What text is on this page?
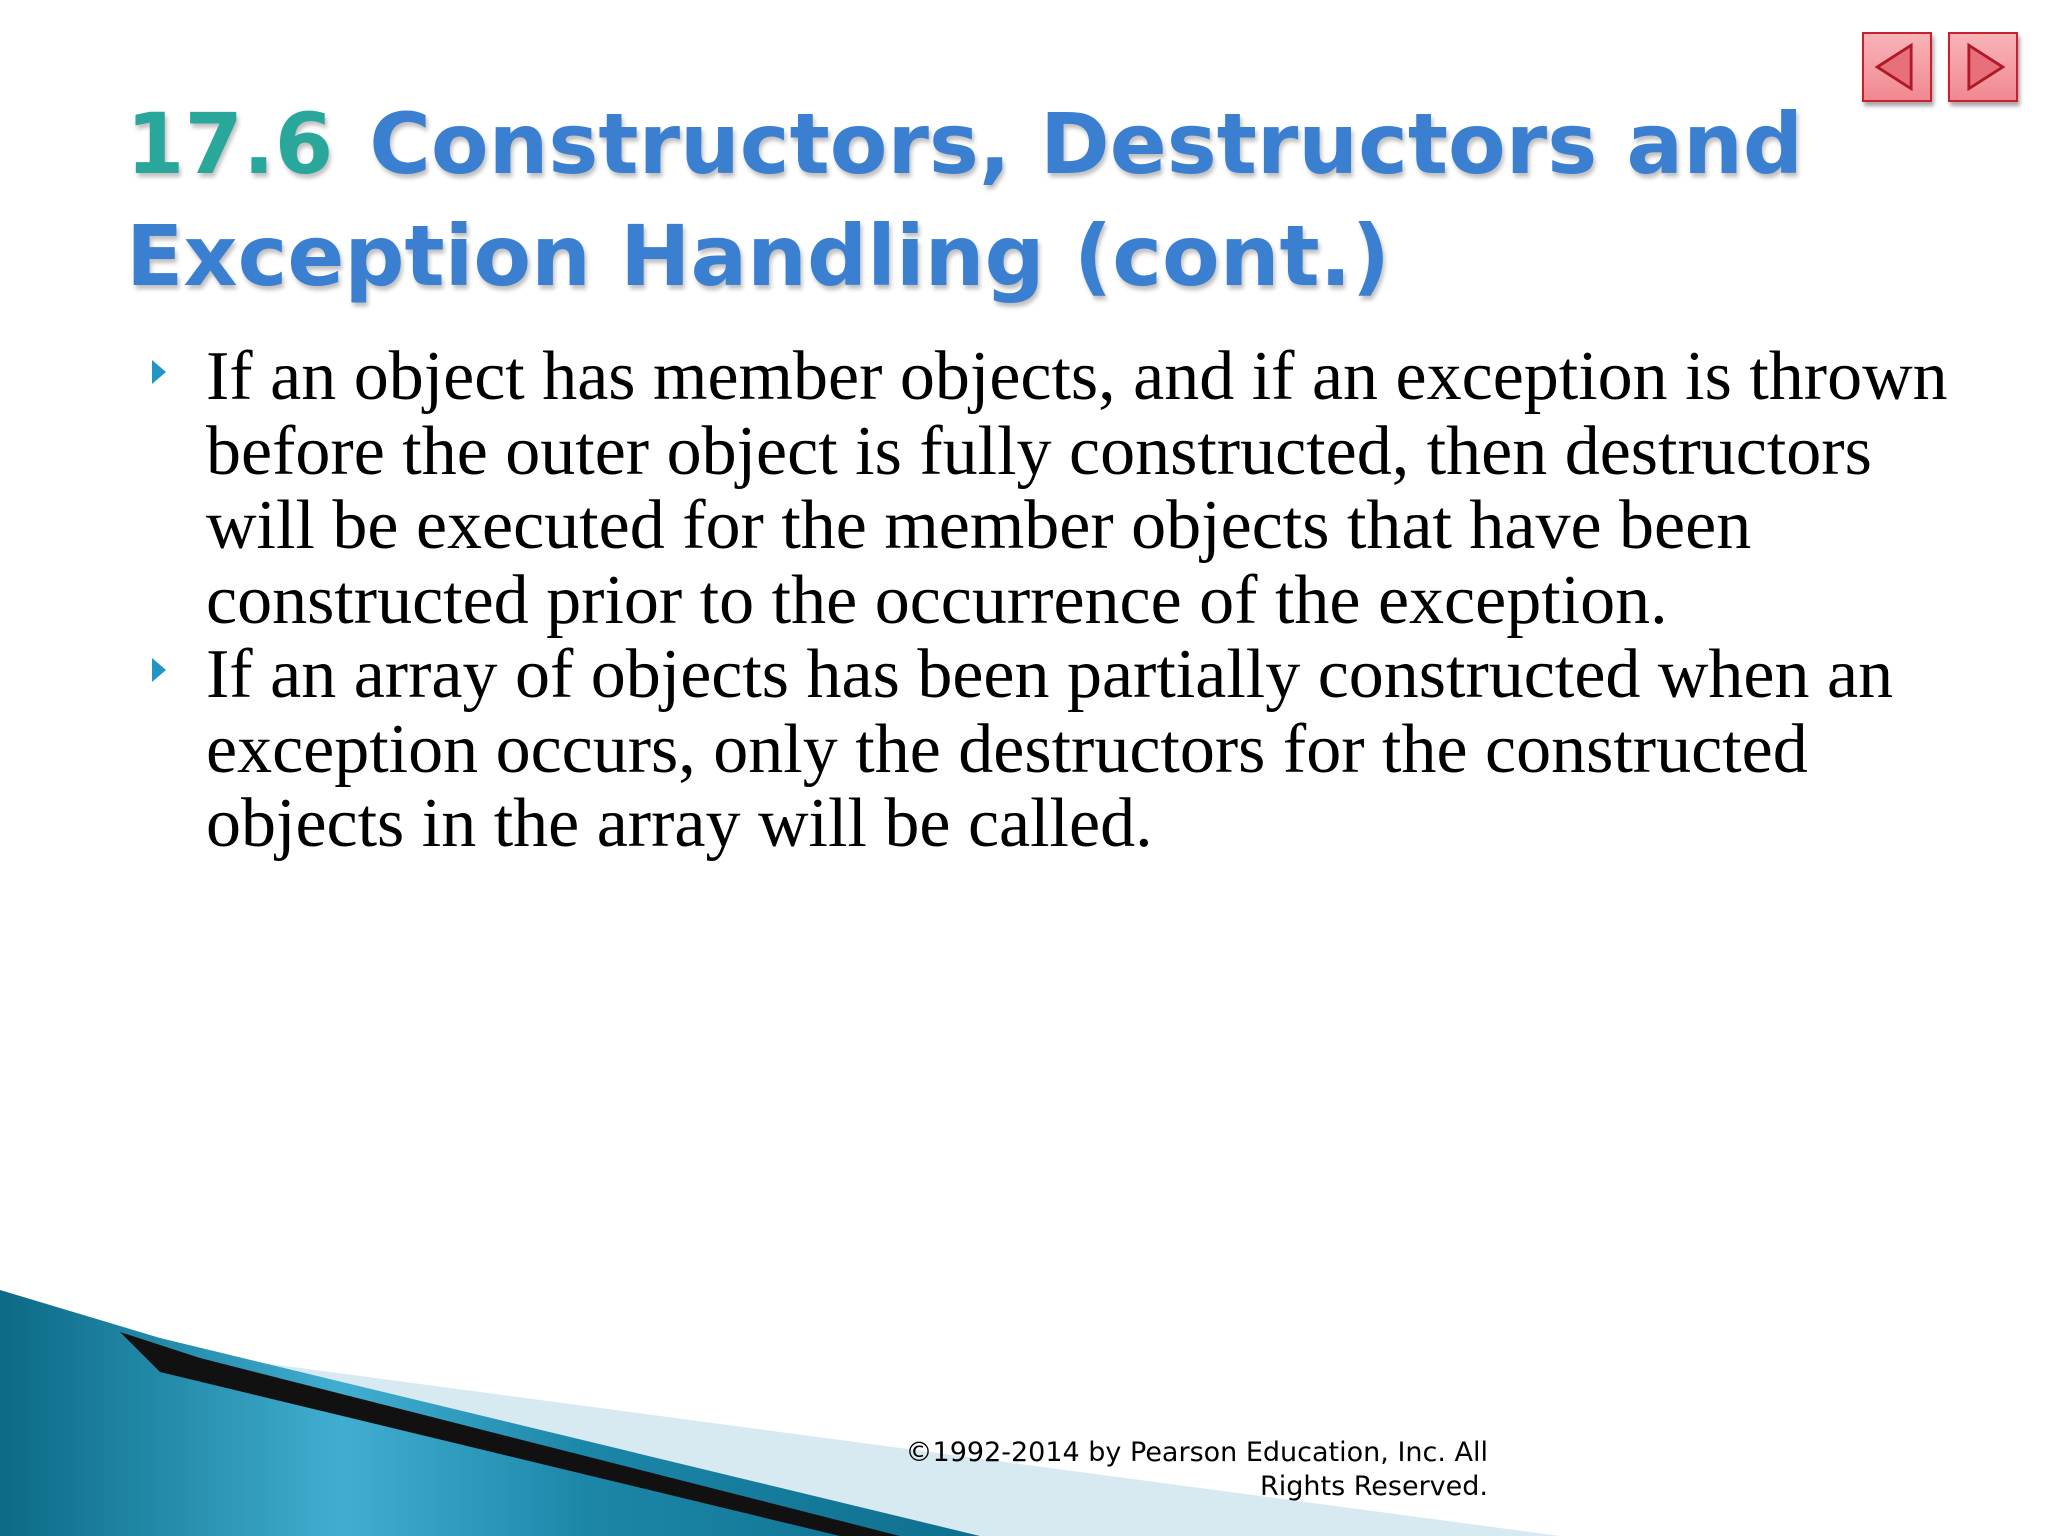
17.6 Constructors, Destructors and
Exception Handling (cont.)
If an object has member objects, and if an exception is thrown before the outer object is fully constructed, then destructors will be executed for the member objects that have been constructed prior to the occurrence of the exception.
If an array of objects has been partially constructed when an exception occurs, only the destructors for the constructed objects in the array will be called.
©1992-2014 by Pearson Education, Inc. All
Rights Reserved.
